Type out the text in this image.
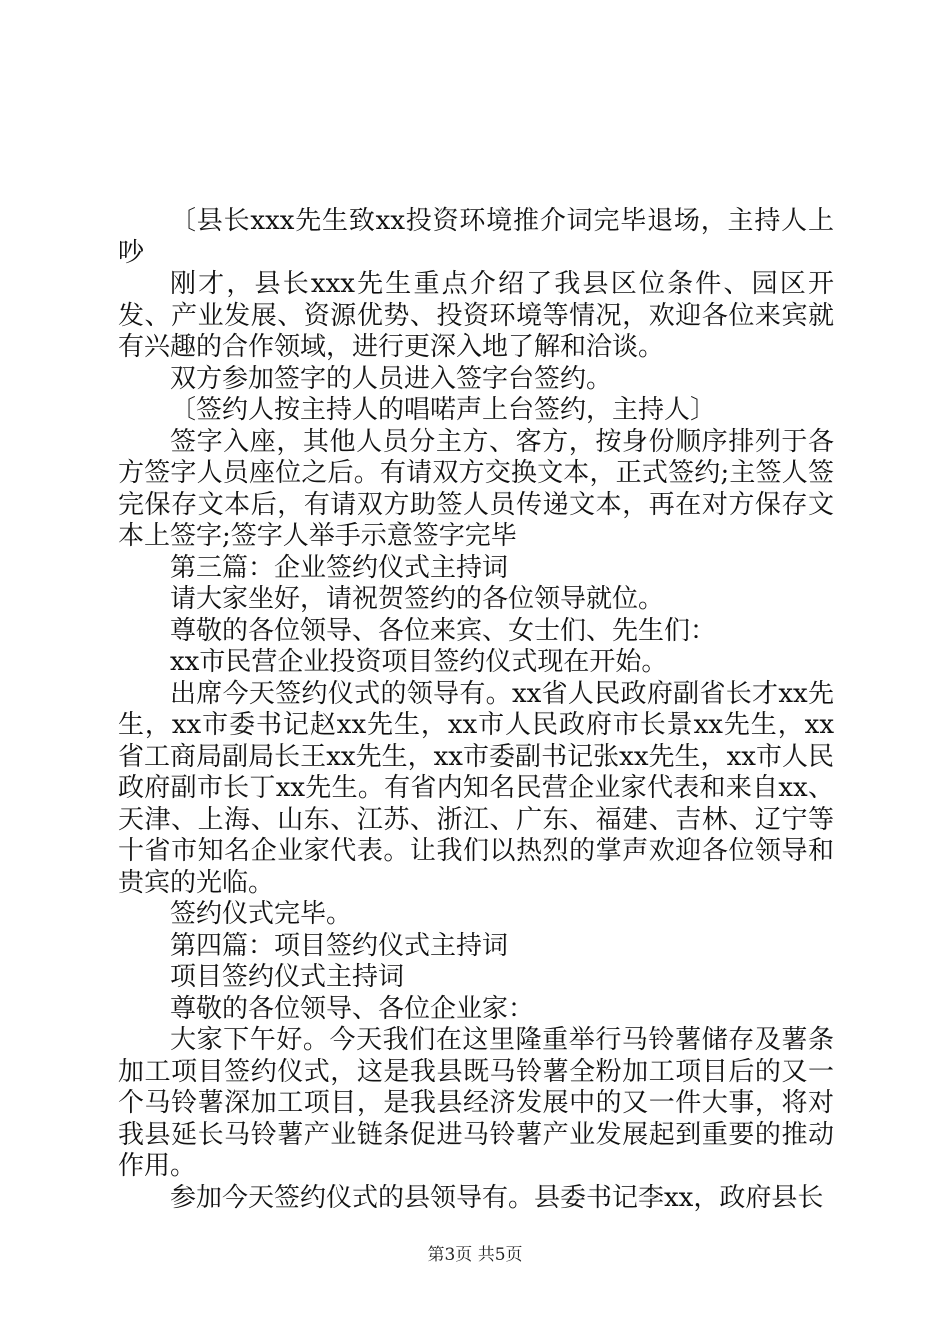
〔县长xxx先生致xx投资环境推介词完毕退场，主持人上吵

刚才，县长xxx先生重点介绍了我县区位条件、园区开发、产业发展、资源优势、投资环境等情况，欢迎各位来宾就有兴趣的合作领域，进行更深入地了解和洽谈。

双方参加签字的人员进入签字台签约。

〔签约人按主持人的唱喏声上台签约，主持人〕

签字入座，其他人员分主方、客方，按身份顺序排列于各方签字人员座位之后。有请双方交换文本，正式签约;主签人签完保存文本后，有请双方助签人员传递文本，再在对方保存文本上签字;签字人举手示意签字完毕

第三篇：企业签约仪式主持词

请大家坐好，请祝贺签约的各位领导就位。

尊敬的各位领导、各位来宾、女士们、先生们：

xx市民营企业投资项目签约仪式现在开始。

出席今天签约仪式的领导有。xx省人民政府副省长才xx先生，xx市委书记赵xx先生，xx市人民政府市长景xx先生，xx省工商局副局长王xx先生，xx市委副书记张xx先生，xx市人民政府副市长丁xx先生。有省内知名民营企业家代表和来自xx、天津、上海、山东、江苏、浙江、广东、福建、吉林、辽宁等十省市知名企业家代表。让我们以热烈的掌声欢迎各位领导和贵宾的光临。

签约仪式完毕。

第四篇：项目签约仪式主持词

项目签约仪式主持词

尊敬的各位领导、各位企业家：

大家下午好。今天我们在这里隆重举行马铃薯储存及薯条加工项目签约仪式，这是我县既马铃薯全粉加工项目后的又一个马铃薯深加工项目，是我县经济发展中的又一件大事，将对我县延长马铃薯产业链条促进马铃薯产业发展起到重要的推动作用。

参加今天签约仪式的县领导有。县委书记李xx，政府县长

第3页 共5页
